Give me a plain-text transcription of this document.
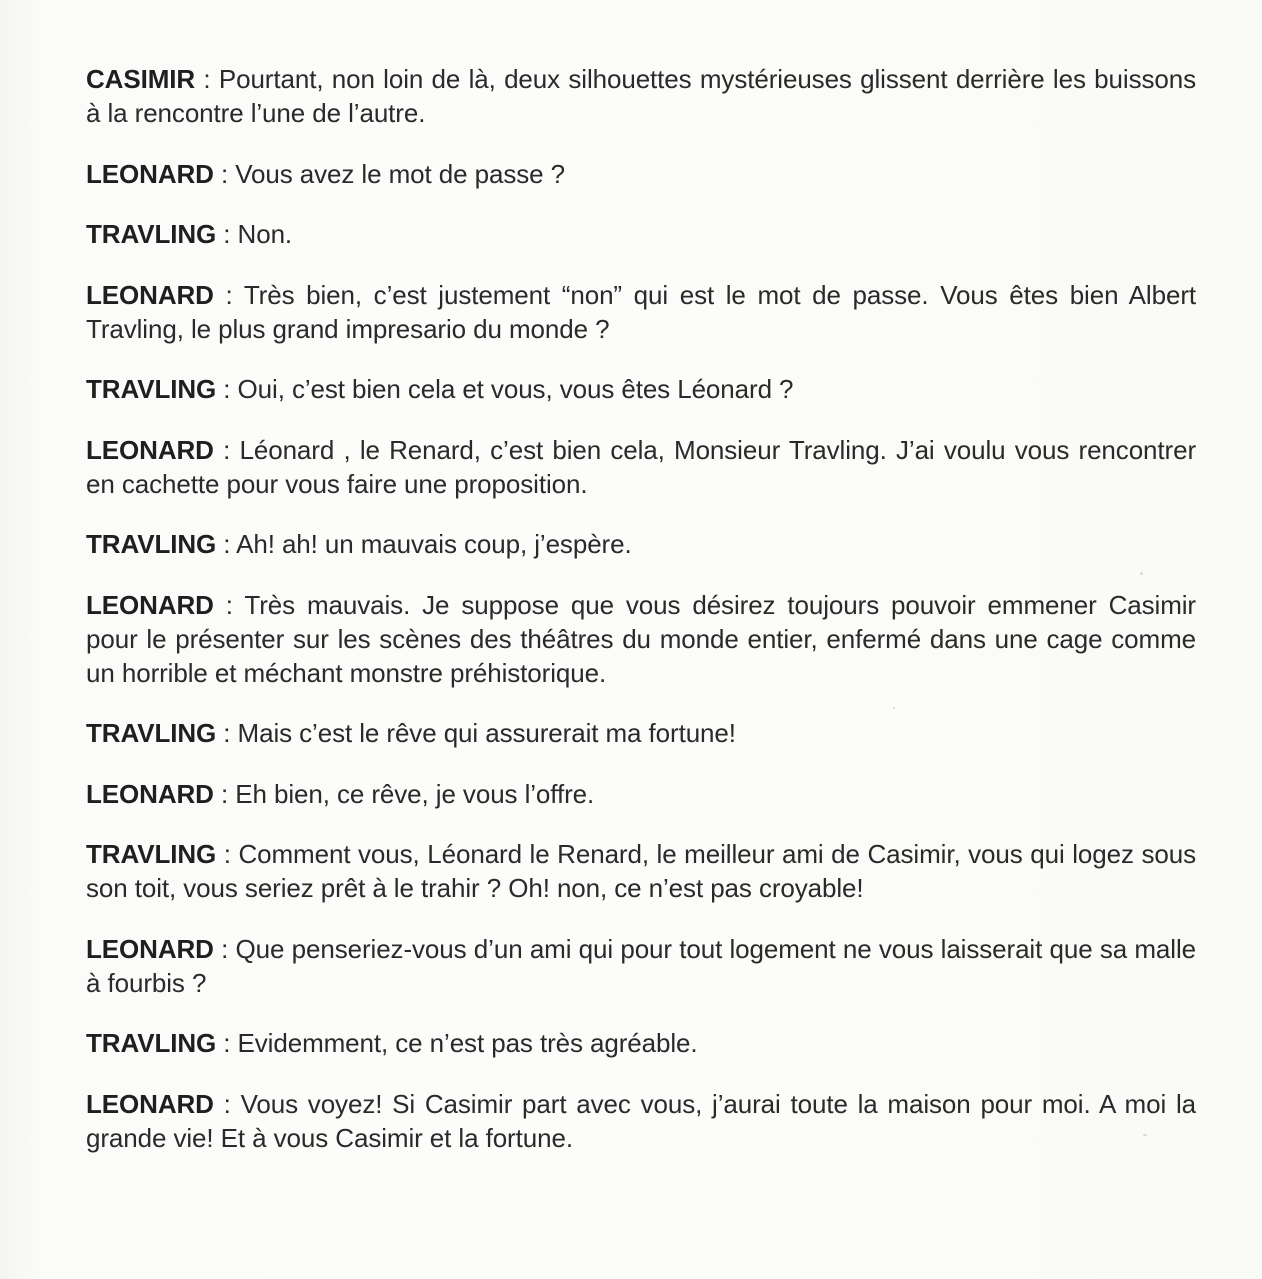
CASIMIR : Pourtant, non loin de là, deux silhouettes mystérieuses glissent derrière les buissons à la rencontre l’une de l’autre.

LEONARD : Vous avez le mot de passe ?

TRAVLING : Non.

LEONARD : Très bien, c’est justement “non” qui est le mot de passe. Vous êtes bien Albert Travling, le plus grand impresario du monde ?

TRAVLING : Oui, c’est bien cela et vous, vous êtes Léonard ?

LEONARD : Léonard , le Renard, c’est bien cela, Monsieur Travling. J’ai voulu vous rencontrer en cachette pour vous faire une proposition.

TRAVLING : Ah! ah! un mauvais coup, j’espère.

LEONARD : Très mauvais. Je suppose que vous désirez toujours pouvoir emmener Casimir pour le présenter sur les scènes des théâtres du monde entier, enfermé dans une cage comme un horrible et méchant monstre préhistorique.

TRAVLING : Mais c’est le rêve qui assurerait ma fortune!

LEONARD : Eh bien, ce rêve, je vous l’offre.

TRAVLING : Comment vous, Léonard le Renard, le meilleur ami de Casimir, vous qui logez sous son toit, vous seriez prêt à le trahir ? Oh! non, ce n’est pas croyable!

LEONARD : Que penseriez-vous d’un ami qui pour tout logement ne vous laisserait que sa malle à fourbis ?

TRAVLING : Evidemment, ce n’est pas très agréable.

LEONARD : Vous voyez! Si Casimir part avec vous, j’aurai toute la maison pour moi. A moi la grande vie! Et à vous Casimir et la fortune.
